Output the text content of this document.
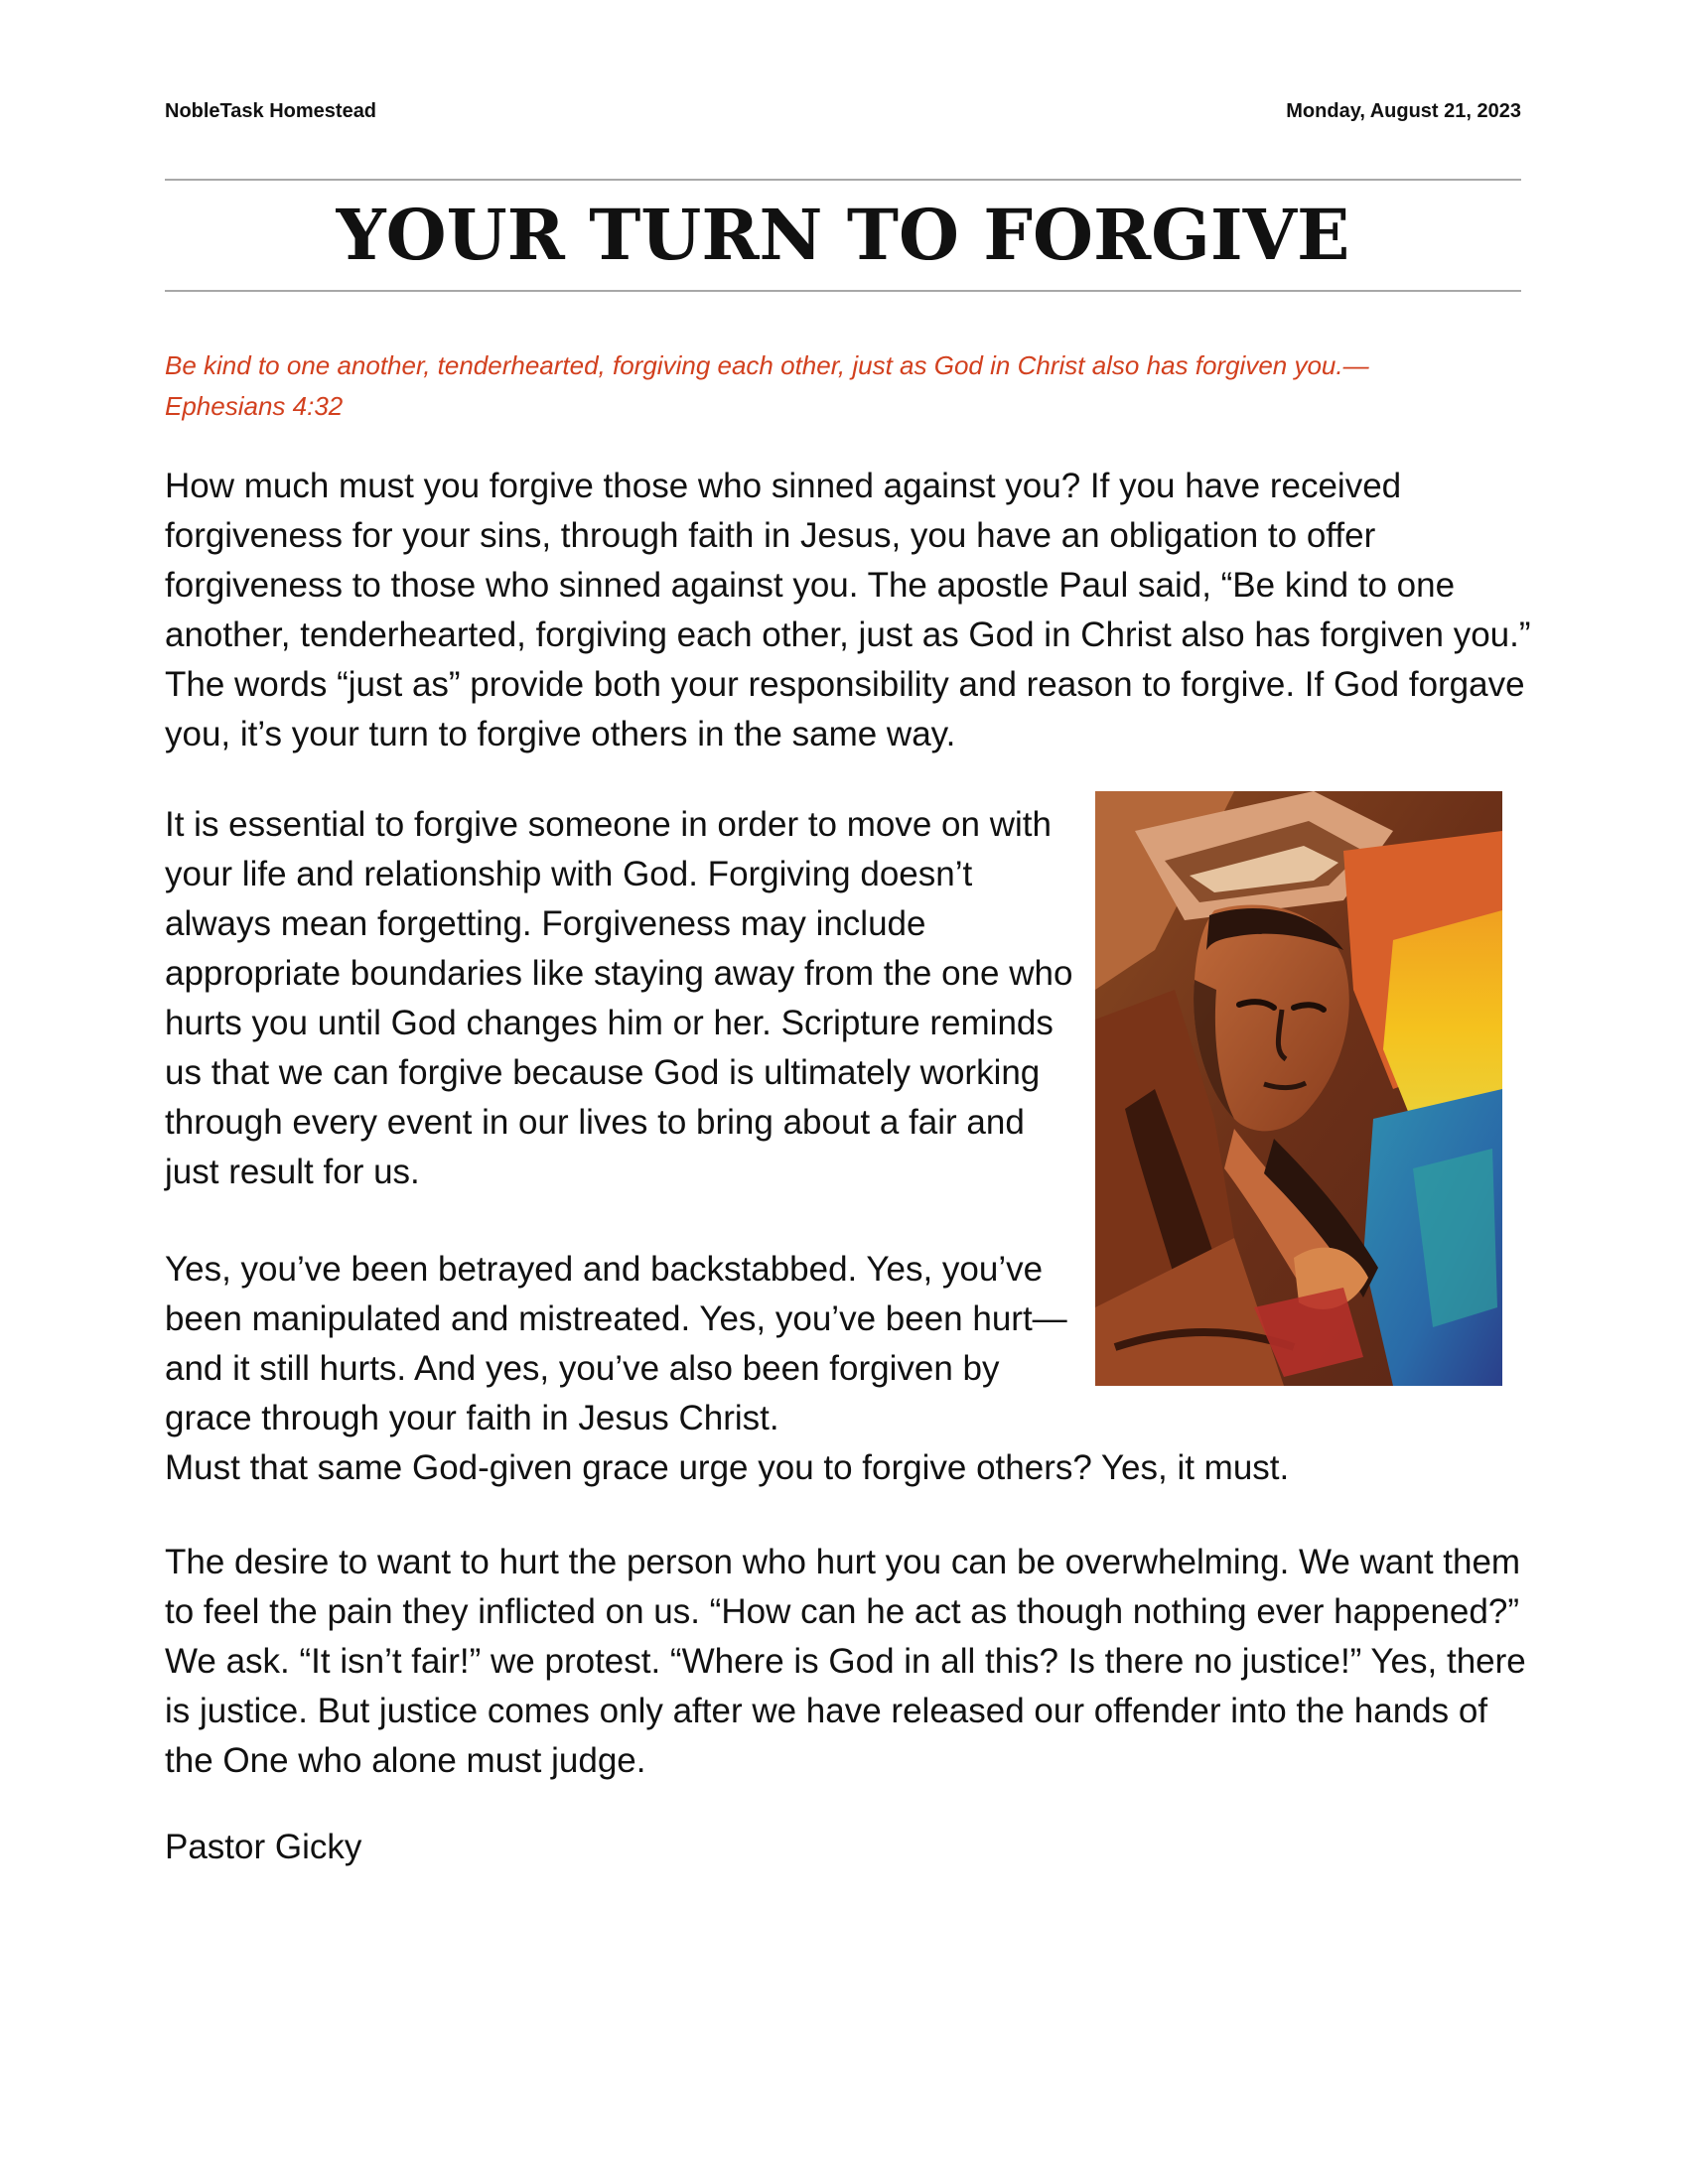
NobleTask Homestead	Monday, August 21, 2023
YOUR TURN TO FORGIVE
Be kind to one another, tenderhearted, forgiving each other, just as God in Christ also has forgiven you.—
Ephesians 4:32

How much must you forgive those who sinned against you? If you have received forgiveness for your sins, through faith in Jesus, you have an obligation to offer forgiveness to those who sinned against you. The apostle Paul said, “Be kind to one another, tenderhearted, forgiving each other, just as God in Christ also has forgiven you.” The words “just as” provide both your responsibility and reason to forgive. If God forgave you, it’s your turn to forgive others in the same way.

It is essential to forgive someone in order to move on with your life and relationship with God. Forgiving doesn’t always mean forgetting. Forgiveness may include appropriate boundaries like staying away from the one who hurts you until God changes him or her. Scripture reminds us that we can forgive because God is ultimately working through every event in our lives to bring about a fair and just result for us.

Yes, you’ve been betrayed and backstabbed. Yes, you’ve been manipulated and mistreated. Yes, you’ve been hurt—and it still hurts. And yes, you’ve also been forgiven by grace through your faith in Jesus Christ.
Must that same God-given grace urge you to forgive others? Yes, it must.

The desire to want to hurt the person who hurt you can be overwhelming. We want them to feel the pain they inflicted on us. “How can he act as though nothing ever happened?” We ask. “It isn’t fair!” we protest. “Where is God in all this? Is there no justice!” Yes, there is justice. But justice comes only after we have released our offender into the hands of the One who alone must judge.

Pastor Gicky
